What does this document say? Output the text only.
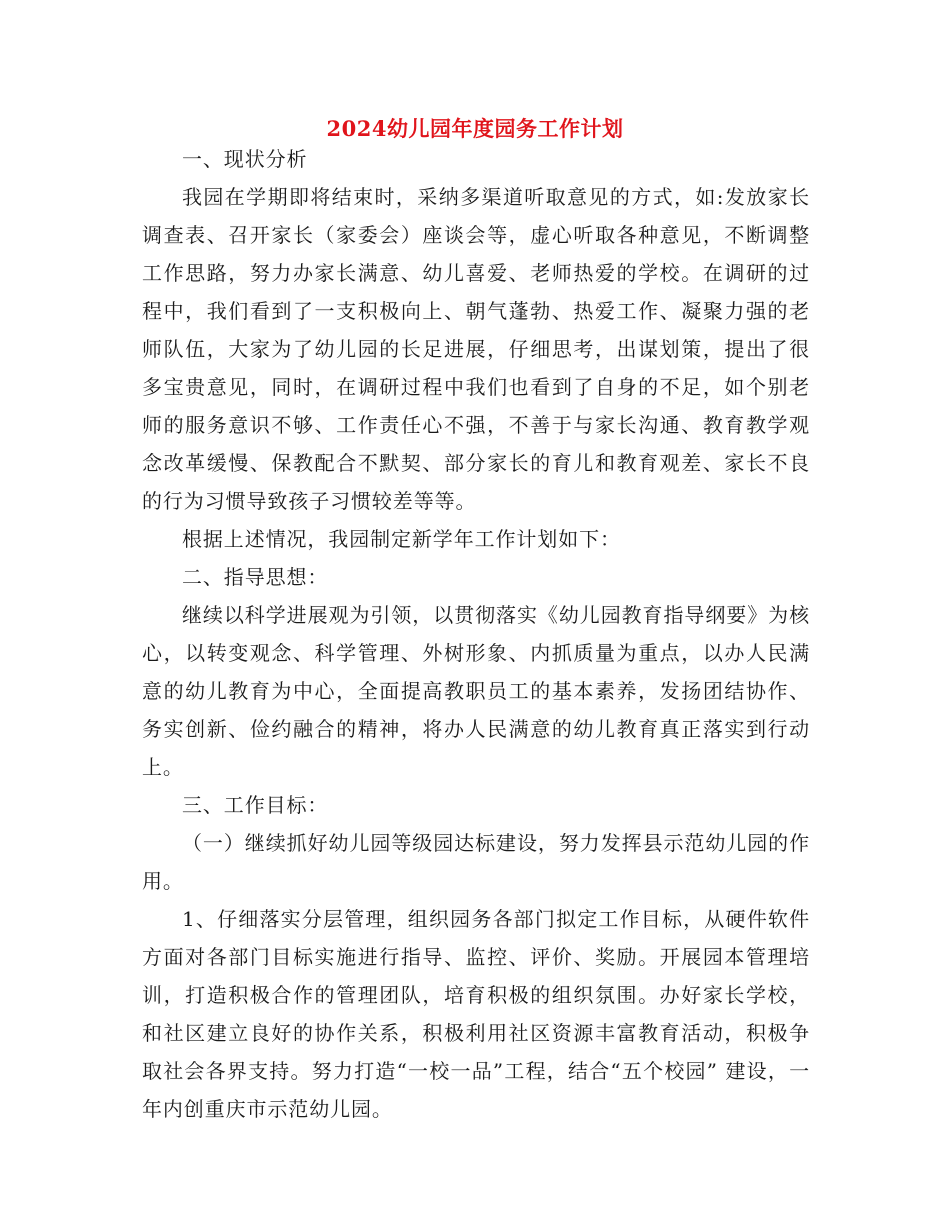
2024幼儿园年度园务工作计划

一、现状分析

我园在学期即将结束时，采纳多渠道听取意见的方式，如:发放家长调查表、召开家长（家委会）座谈会等，虚心听取各种意见，不断调整工作思路，努力办家长满意、幼儿喜爱、老师热爱的学校。在调研的过程中，我们看到了一支积极向上、朝气蓬勃、热爱工作、凝聚力强的老师队伍，大家为了幼儿园的长足进展，仔细思考，出谋划策，提出了很多宝贵意见，同时，在调研过程中我们也看到了自身的不足，如个别老师的服务意识不够、工作责任心不强，不善于与家长沟通、教育教学观念改革缓慢、保教配合不默契、部分家长的育儿和教育观差、家长不良的行为习惯导致孩子习惯较差等等。

根据上述情况，我园制定新学年工作计划如下：

二、指导思想：

继续以科学进展观为引领，以贯彻落实《幼儿园教育指导纲要》为核心，以转变观念、科学管理、外树形象、内抓质量为重点，以办人民满意的幼儿教育为中心，全面提高教职员工的基本素养，发扬团结协作、务实创新、俭约融合的精神，将办人民满意的幼儿教育真正落实到行动上。

三、工作目标：

（一）继续抓好幼儿园等级园达标建设，努力发挥县示范幼儿园的作用。

1、仔细落实分层管理，组织园务各部门拟定工作目标，从硬件软件方面对各部门目标实施进行指导、监控、评价、奖励。开展园本管理培训，打造积极合作的管理团队，培育积极的组织氛围。办好家长学校，和社区建立良好的协作关系，积极利用社区资源丰富教育活动，积极争取社会各界支持。努力打造“一校一品”工程，结合“五个校园” 建设，一年内创重庆市示范幼儿园。
